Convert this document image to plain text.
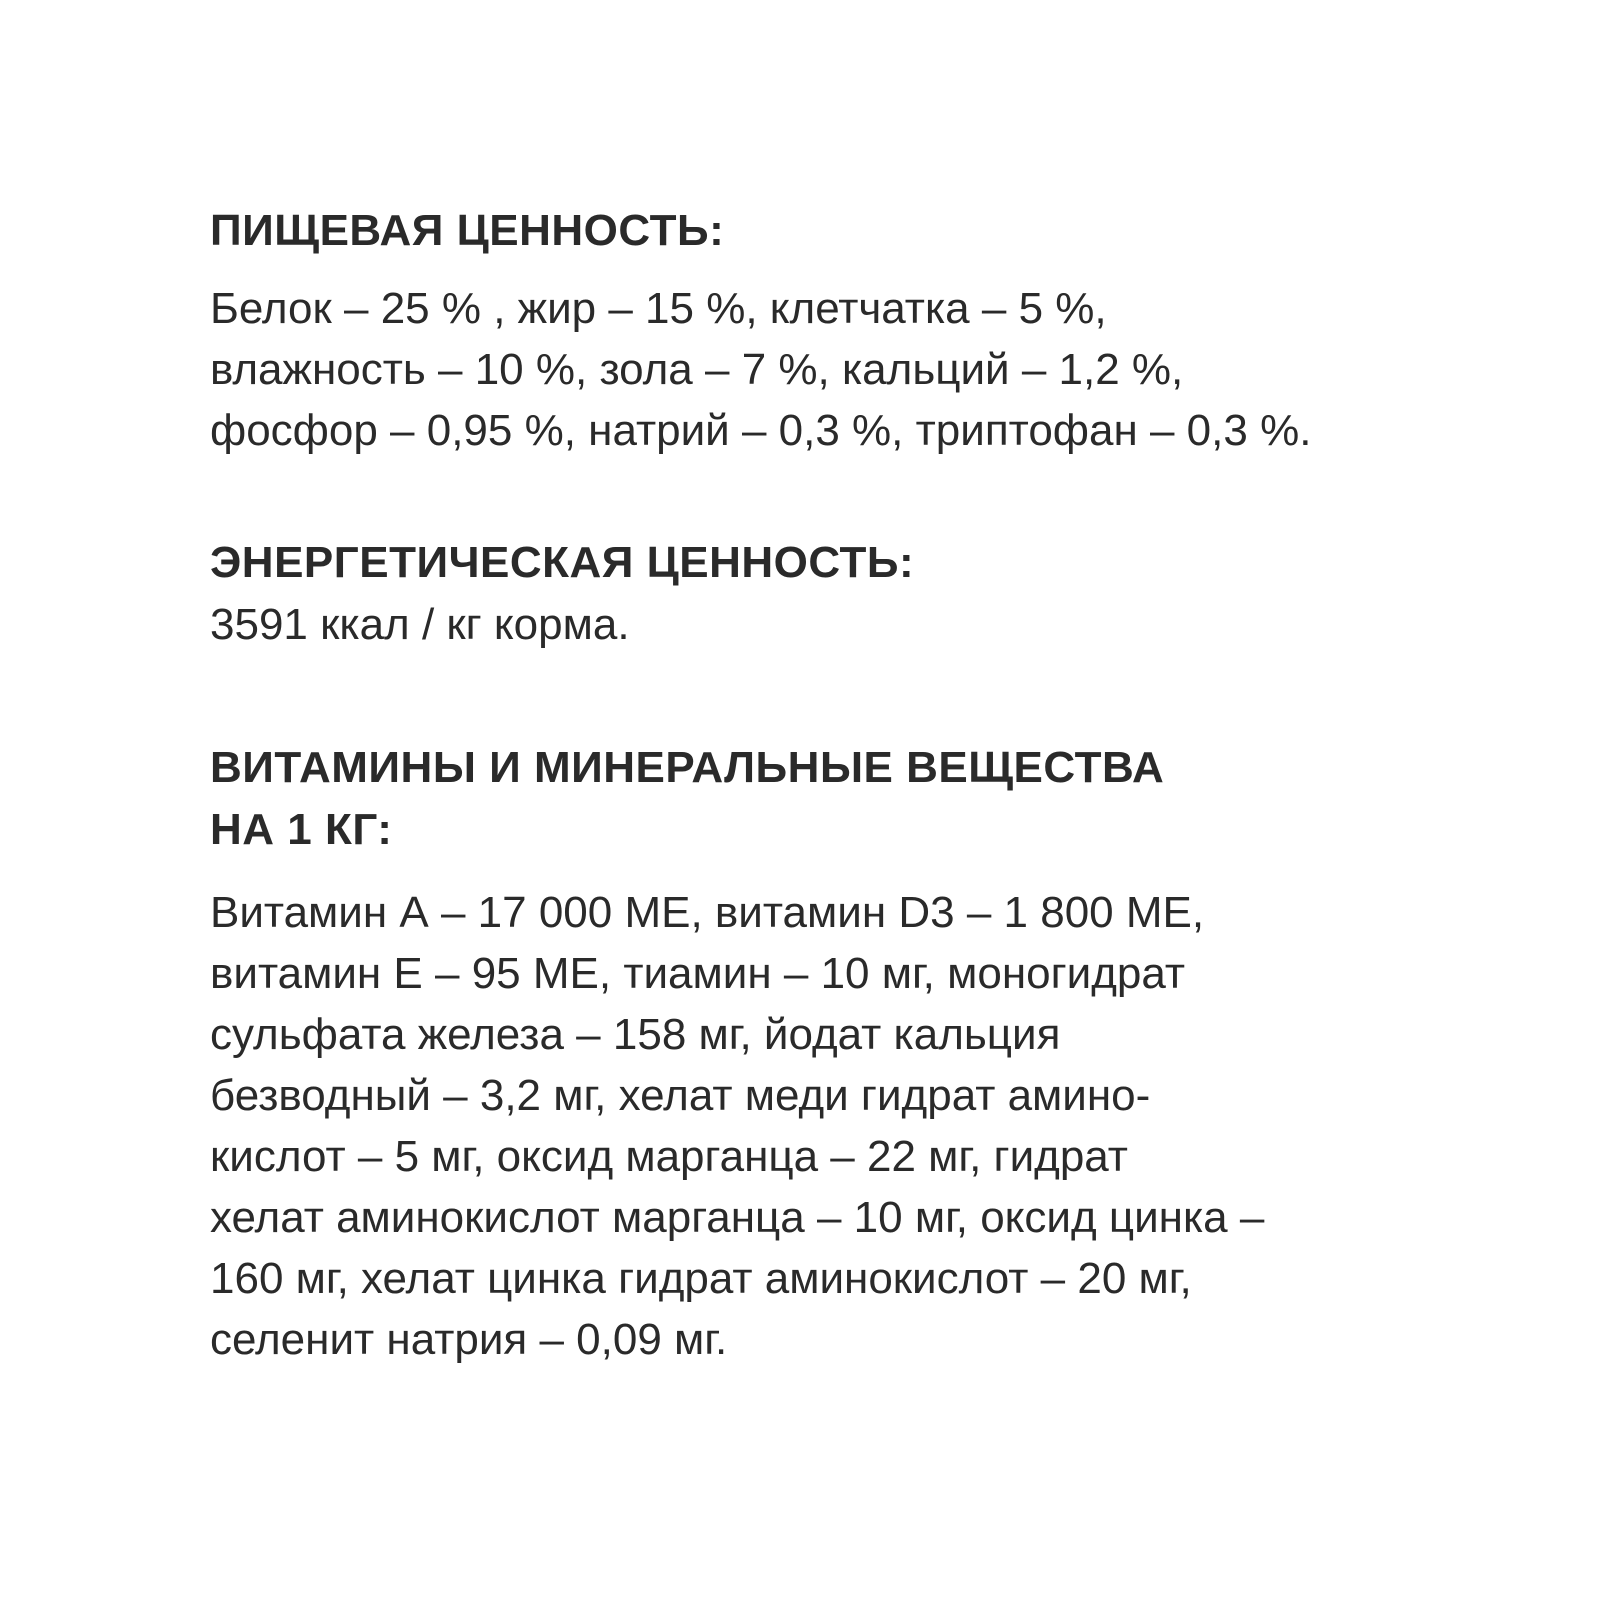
ПИЩЕВАЯ ЦЕННОСТЬ:

Белок – 25 % , жир – 15 %, клетчатка – 5 %,

влажность – 10 %, зола – 7 %, кальций – 1,2 %,

фосфор – 0,95 %, натрий – 0,3 %, триптофан – 0,3 %.

ЭНЕРГЕТИЧЕСКАЯ ЦЕННОСТЬ:

3591 ккал / кг корма.

ВИТАМИНЫ И МИНЕРАЛЬНЫЕ ВЕЩЕСТВА

НА 1 КГ:

Витамин А – 17 000 МЕ, витамин D3 – 1 800 МЕ,

витамин Е – 95 МЕ, тиамин – 10 мг, моногидрат

сульфата железа – 158 мг, йодат кальция

безводный – 3,2 мг, хелат меди гидрат амино-

кислот – 5 мг, оксид марганца – 22 мг, гидрат

хелат аминокислот марганца – 10 мг, оксид цинка –

160 мг, хелат цинка гидрат аминокислот – 20 мг,

селенит натрия – 0,09 мг.
